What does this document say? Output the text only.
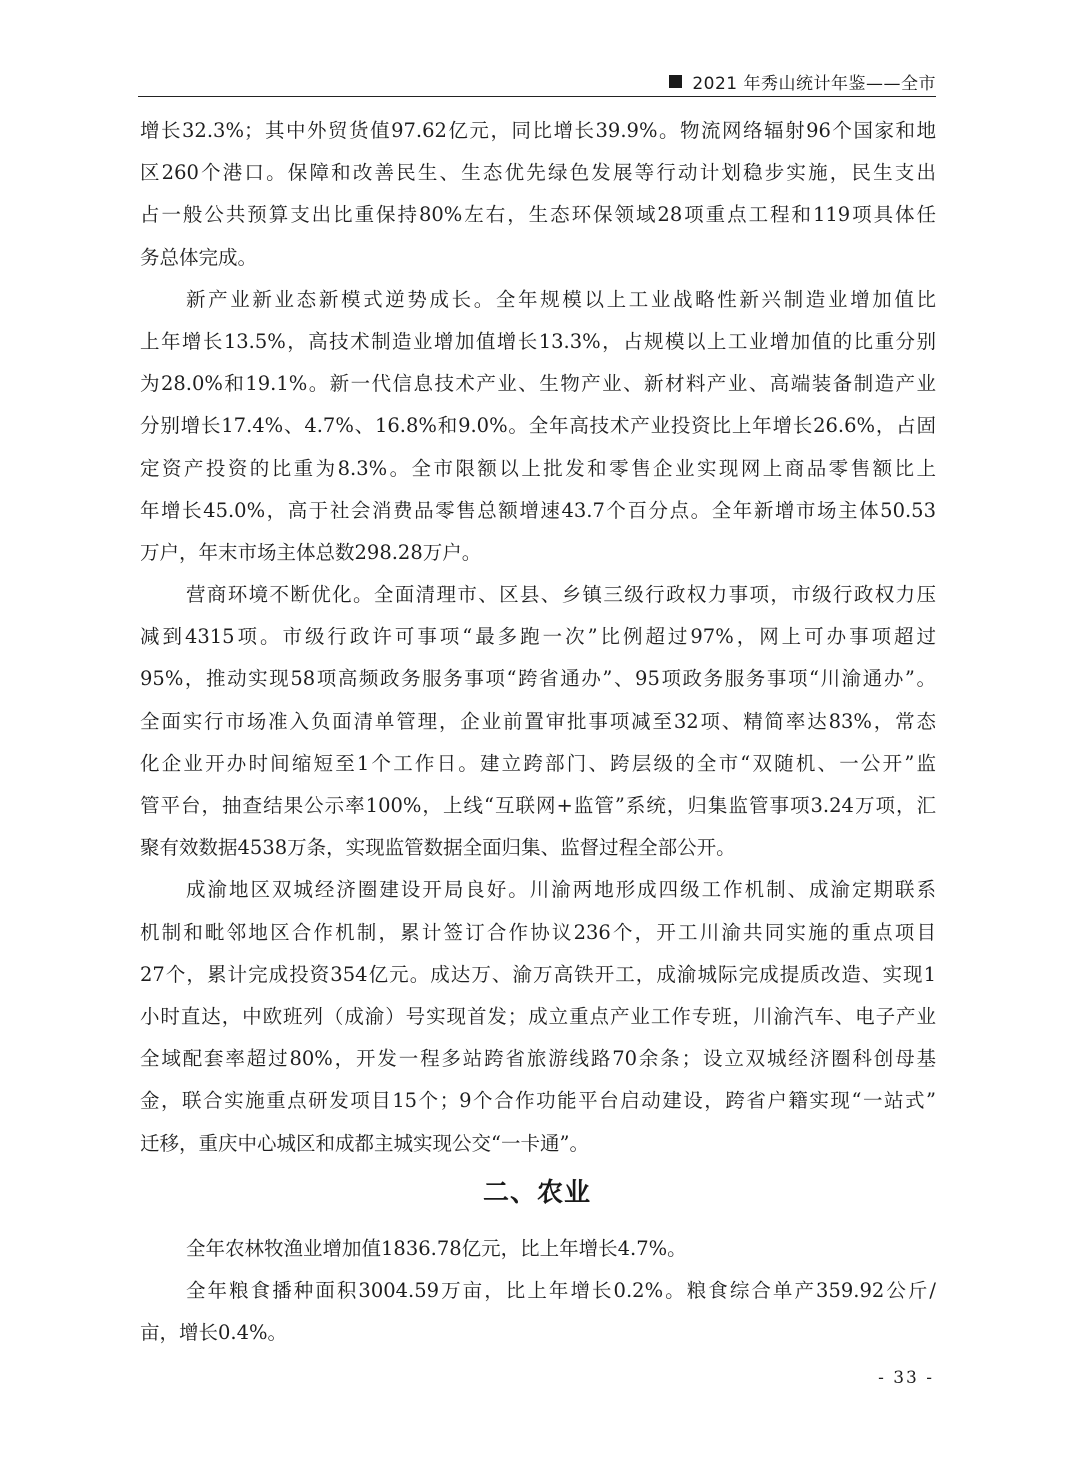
2021 年秀山统计年鉴——全市
增长32.3%；其中外贸货值97.62亿元，同比增长39.9%。物流网络辐射96个国家和地
区260个港口。保障和改善民生、生态优先绿色发展等行动计划稳步实施，民生支出
占一般公共预算支出比重保持80%左右，生态环保领域28项重点工程和119项具体任
务总体完成。
新产业新业态新模式逆势成长。全年规模以上工业战略性新兴制造业增加值比
上年增长13.5%，高技术制造业增加值增长13.3%，占规模以上工业增加值的比重分别
为28.0%和19.1%。新一代信息技术产业、生物产业、新材料产业、高端装备制造产业
分别增长17.4%、4.7%、16.8%和9.0%。全年高技术产业投资比上年增长26.6%，占固
定资产投资的比重为8.3%。全市限额以上批发和零售企业实现网上商品零售额比上
年增长45.0%，高于社会消费品零售总额增速43.7个百分点。全年新增市场主体50.53
万户，年末市场主体总数298.28万户。
营商环境不断优化。全面清理市、区县、乡镇三级行政权力事项，市级行政权力压
减到4315项。市级行政许可事项“最多跑一次”比例超过97%，网上可办事项超过
95%，推动实现58项高频政务服务事项“跨省通办”、95项政务服务事项“川渝通办”。
全面实行市场准入负面清单管理，企业前置审批事项减至32项、精简率达83%，常态
化企业开办时间缩短至1个工作日。建立跨部门、跨层级的全市“双随机、一公开”监
管平台，抽查结果公示率100%，上线“互联网+监管”系统，归集监管事项3.24万项，汇
聚有效数据4538万条，实现监管数据全面归集、监督过程全部公开。
成渝地区双城经济圈建设开局良好。川渝两地形成四级工作机制、成渝定期联系
机制和毗邻地区合作机制，累计签订合作协议236个，开工川渝共同实施的重点项目
27个，累计完成投资354亿元。成达万、渝万高铁开工，成渝城际完成提质改造、实现1
小时直达，中欧班列（成渝）号实现首发；成立重点产业工作专班，川渝汽车、电子产业
全域配套率超过80%，开发一程多站跨省旅游线路70余条；设立双城经济圈科创母基
金，联合实施重点研发项目15个；9个合作功能平台启动建设，跨省户籍实现“一站式”
迁移，重庆中心城区和成都主城实现公交“一卡通”。
二、农业
全年农林牧渔业增加值1836.78亿元，比上年增长4.7%。
全年粮食播种面积3004.59万亩，比上年增长0.2%。粮食综合单产359.92公斤/
亩，增长0.4%。
- 33 -
